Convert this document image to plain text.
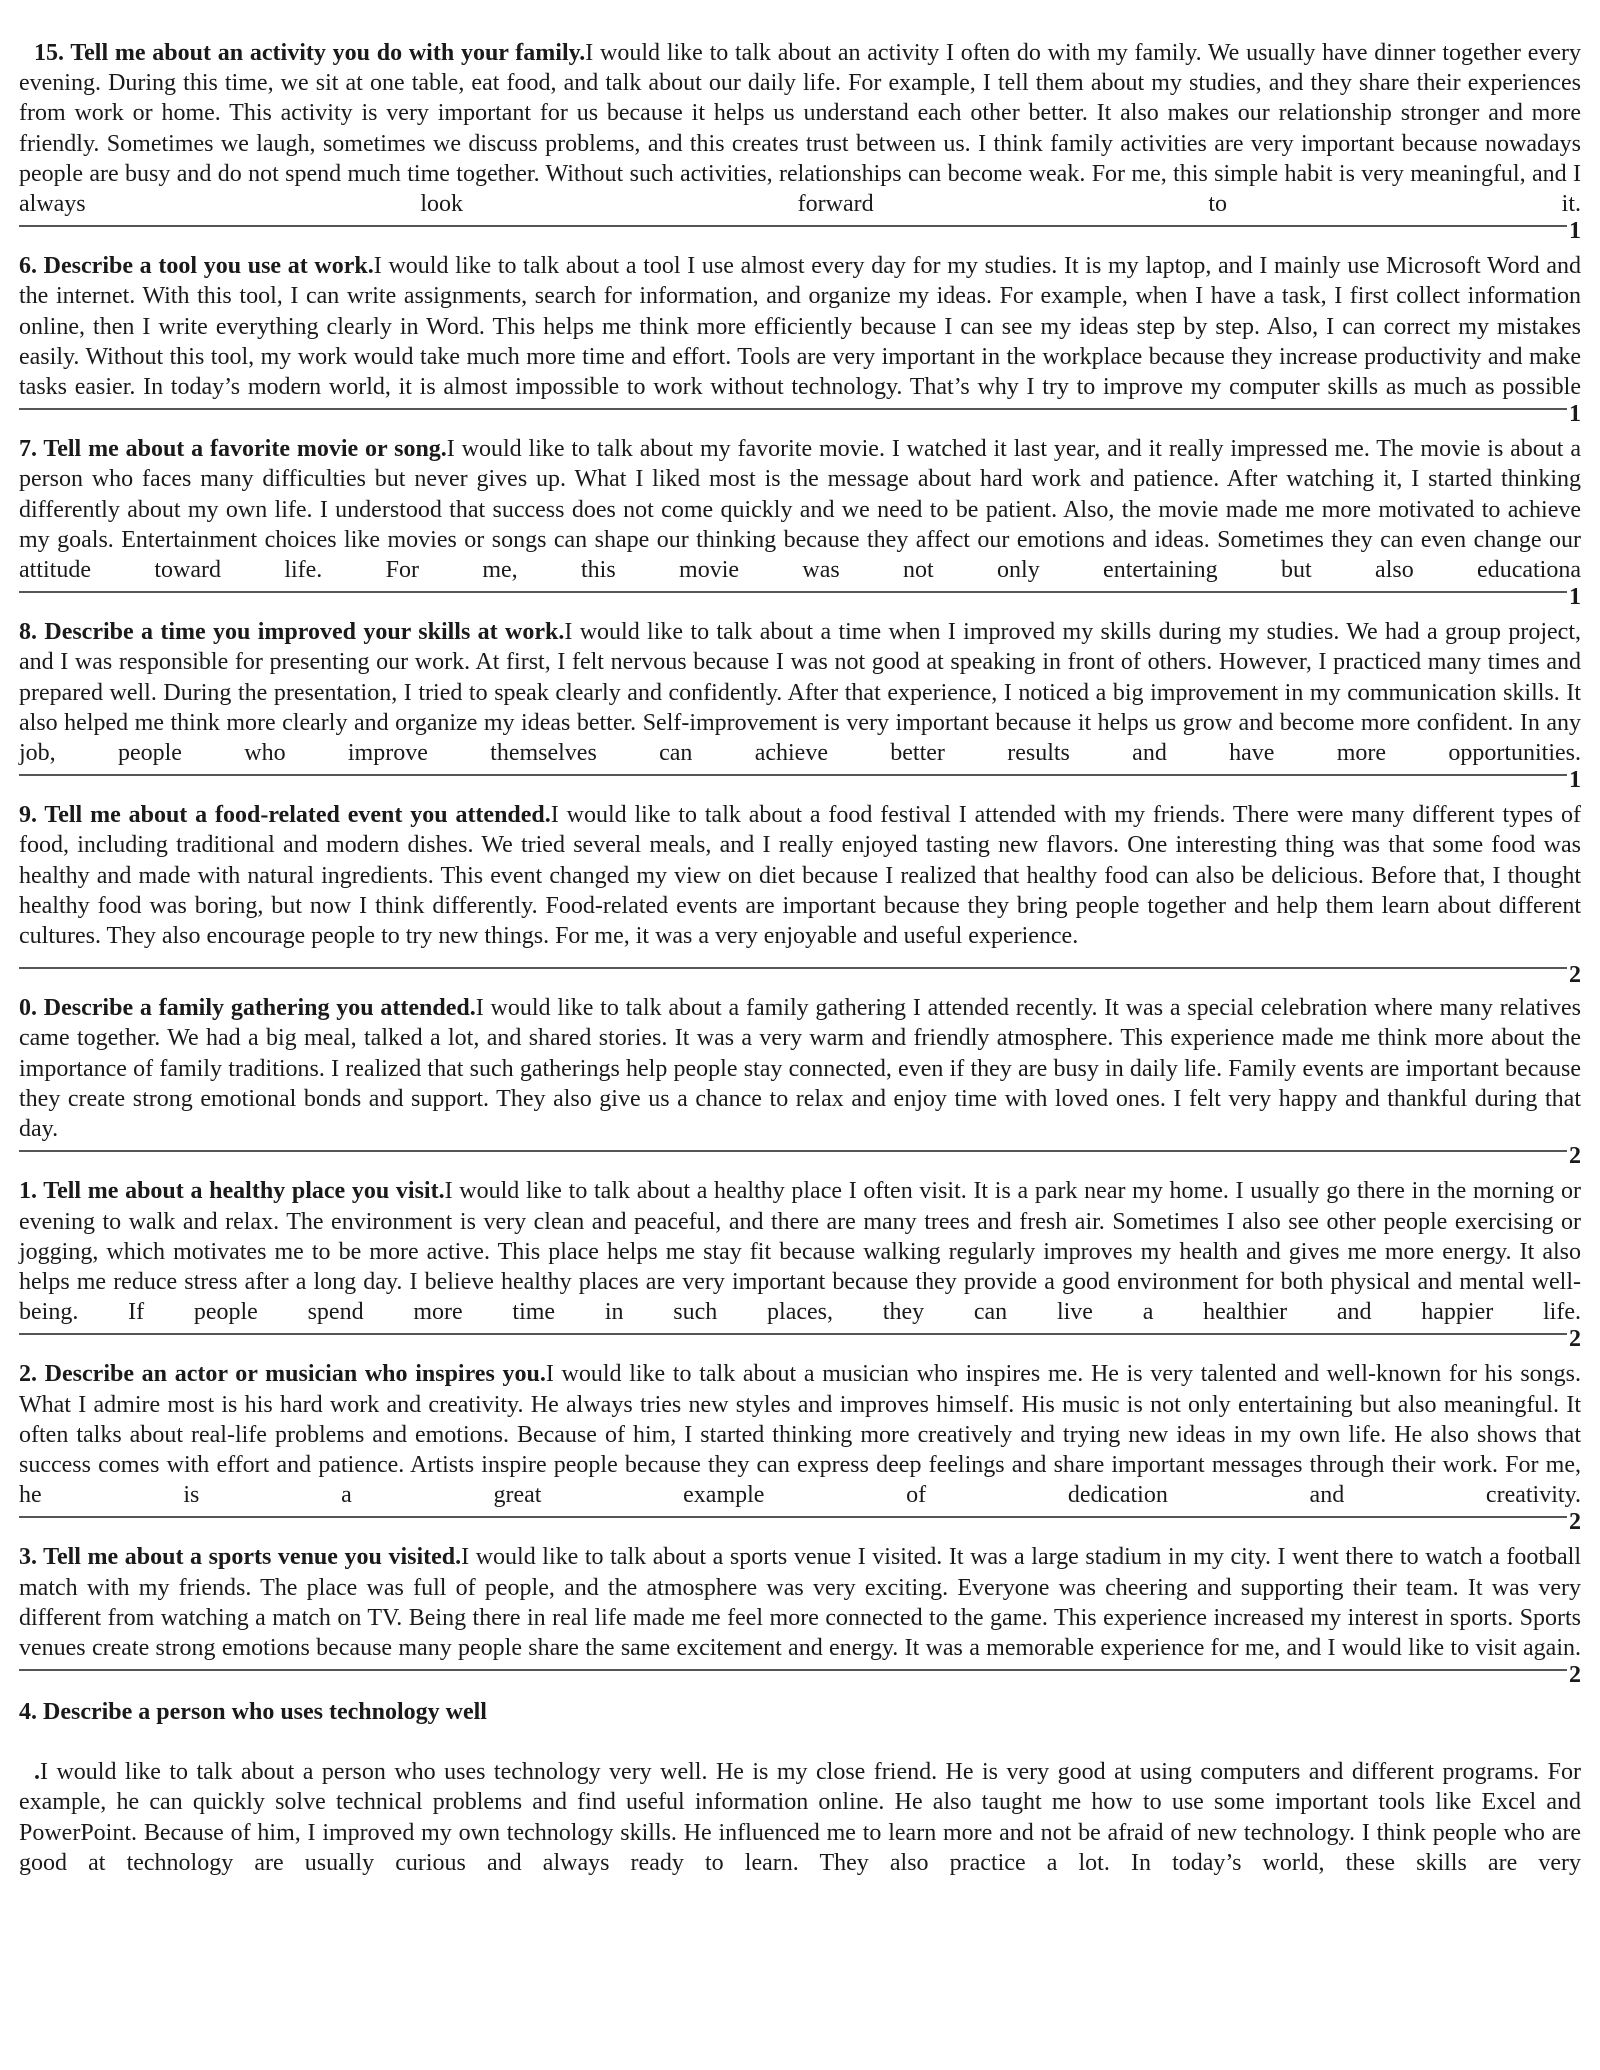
15. Tell me about an activity you do with your family.I would like to talk about an activity I often do with my family. We usually have dinner together every evening. During this time, we sit at one table, eat food, and talk about our daily life. For example, I tell them about my studies, and they share their experiences from work or home. This activity is very important for us because it helps us understand each other better. It also makes our relationship stronger and more friendly. Sometimes we laugh, sometimes we discuss problems, and this creates trust between us. I think family activities are very important because nowadays people are busy and do not spend much time together. Without such activities, relationships can become weak. For me, this simple habit is very meaningful, and I always look forward to it.

1

6. Describe a tool you use at work.I would like to talk about a tool I use almost every day for my studies. It is my laptop, and I mainly use Microsoft Word and the internet. With this tool, I can write assignments, search for information, and organize my ideas. For example, when I have a task, I first collect information online, then I write everything clearly in Word. This helps me think more efficiently because I can see my ideas step by step. Also, I can correct my mistakes easily. Without this tool, my work would take much more time and effort. Tools are very important in the workplace because they increase productivity and make tasks easier. In today’s modern world, it is almost impossible to work without technology. That’s why I try to improve my computer skills as much as possible

1

7. Tell me about a favorite movie or song.I would like to talk about my favorite movie. I watched it last year, and it really impressed me. The movie is about a person who faces many difficulties but never gives up. What I liked most is the message about hard work and patience. After watching it, I started thinking differently about my own life. I understood that success does not come quickly and we need to be patient. Also, the movie made me more motivated to achieve my goals. Entertainment choices like movies or songs can shape our thinking because they affect our emotions and ideas. Sometimes they can even change our attitude toward life. For me, this movie was not only entertaining but also educationa

1

8. Describe a time you improved your skills at work.I would like to talk about a time when I improved my skills during my studies. We had a group project, and I was responsible for presenting our work. At first, I felt nervous because I was not good at speaking in front of others. However, I practiced many times and prepared well. During the presentation, I tried to speak clearly and confidently. After that experience, I noticed a big improvement in my communication skills. It also helped me think more clearly and organize my ideas better. Self-improvement is very important because it helps us grow and become more confident. In any job, people who improve themselves can achieve better results and have more opportunities.

1

9. Tell me about a food-related event you attended.I would like to talk about a food festival I attended with my friends. There were many different types of food, including traditional and modern dishes. We tried several meals, and I really enjoyed tasting new flavors. One interesting thing was that some food was healthy and made with natural ingredients. This event changed my view on diet because I realized that healthy food can also be delicious. Before that, I thought healthy food was boring, but now I think differently. Food-related events are important because they bring people together and help them learn about different cultures. They also encourage people to try new things. For me, it was a very enjoyable and useful experience.

2

0. Describe a family gathering you attended.I would like to talk about a family gathering I attended recently. It was a special celebration where many relatives came together. We had a big meal, talked a lot, and shared stories. It was a very warm and friendly atmosphere. This experience made me think more about the importance of family traditions. I realized that such gatherings help people stay connected, even if they are busy in daily life. Family events are important because they create strong emotional bonds and support. They also give us a chance to relax and enjoy time with loved ones. I felt very happy and thankful during that day.

2

1. Tell me about a healthy place you visit.I would like to talk about a healthy place I often visit. It is a park near my home. I usually go there in the morning or evening to walk and relax. The environment is very clean and peaceful, and there are many trees and fresh air. Sometimes I also see other people exercising or jogging, which motivates me to be more active. This place helps me stay fit because walking regularly improves my health and gives me more energy. It also helps me reduce stress after a long day. I believe healthy places are very important because they provide a good environment for both physical and mental well-being. If people spend more time in such places, they can live a healthier and happier life.

2

2. Describe an actor or musician who inspires you.I would like to talk about a musician who inspires me. He is very talented and well-known for his songs. What I admire most is his hard work and creativity. He always tries new styles and improves himself. His music is not only entertaining but also meaningful. It often talks about real-life problems and emotions. Because of him, I started thinking more creatively and trying new ideas in my own life. He also shows that success comes with effort and patience. Artists inspire people because they can express deep feelings and share important messages through their work. For me, he is a great example of dedication and creativity.

2

3. Tell me about a sports venue you visited.I would like to talk about a sports venue I visited. It was a large stadium in my city. I went there to watch a football match with my friends. The place was full of people, and the atmosphere was very exciting. Everyone was cheering and supporting their team. It was very different from watching a match on TV. Being there in real life made me feel more connected to the game. This experience increased my interest in sports. Sports venues create strong emotions because many people share the same excitement and energy. It was a memorable experience for me, and I would like to visit again.

2

4. Describe a person who uses technology well

.I would like to talk about a person who uses technology very well. He is my close friend. He is very good at using computers and different programs. For example, he can quickly solve technical problems and find useful information online. He also taught me how to use some important tools like Excel and PowerPoint. Because of him, I improved my own technology skills. He influenced me to learn more and not be afraid of new technology. I think people who are good at technology are usually curious and always ready to learn. They also practice a lot. In today’s world, these skills are very
